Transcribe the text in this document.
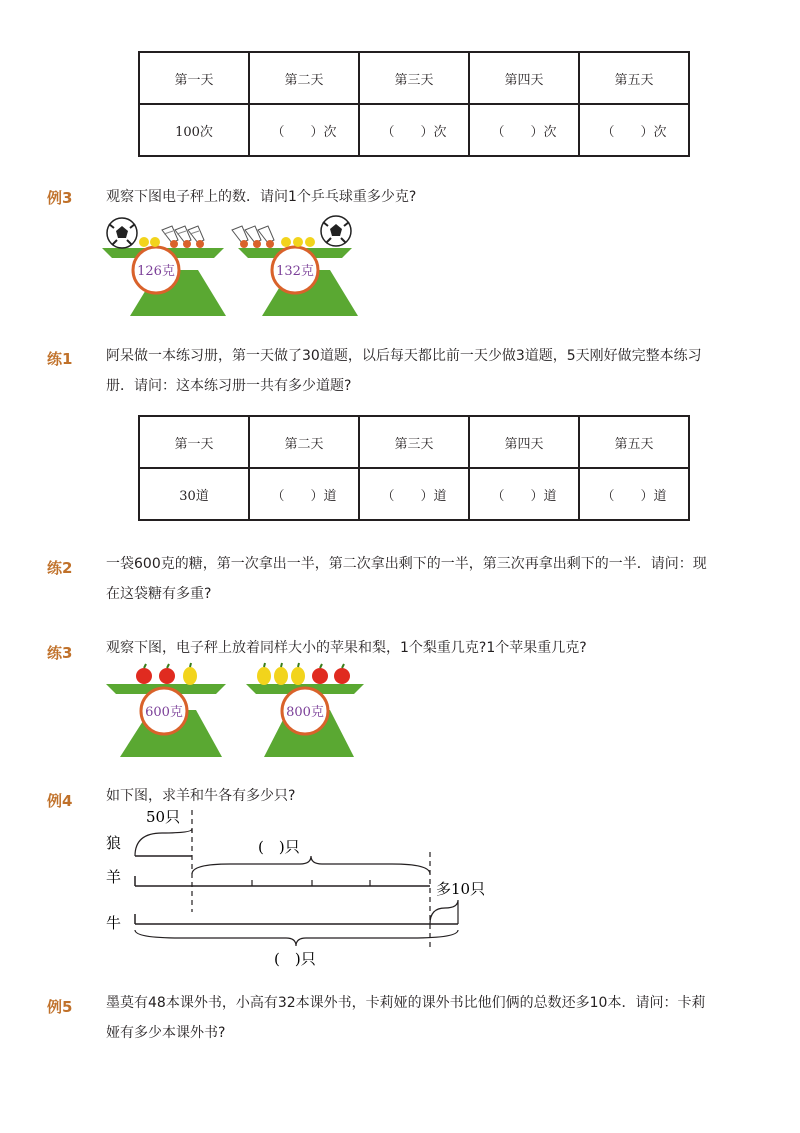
第一天	第二天	第三天	第四天	第五天
100次	（　　）次	（　　）次	（　　）次	（　　）次
例3 观察下图电子秤上的数．请问1个乒乓球重多少克?
126克	132克
练1 阿呆做一本练习册，第一天做了30道题，以后每天都比前一天少做3道题，5天刚好做完整本练习
册．请问：这本练习册一共有多少道题?
第一天	第二天	第三天	第四天	第五天
30道	（　　）道	（　　）道	（　　）道	（　　）道
练2 一袋600克的糖，第一次拿出一半，第二次拿出剩下的一半，第三次再拿出剩下的一半．请问：现
在这袋糖有多重?
练3 观察下图，电子秤上放着同样大小的苹果和梨，1个梨重几克?1个苹果重几克?
600克	800克
例4 如下图，求羊和牛各有多少只?
狼
羊
牛
50只
(　)只
多10只
(　)只
例5 墨莫有48本课外书，小高有32本课外书，卡莉娅的课外书比他们俩的总数还多10本．请问：卡莉
娅有多少本课外书?
